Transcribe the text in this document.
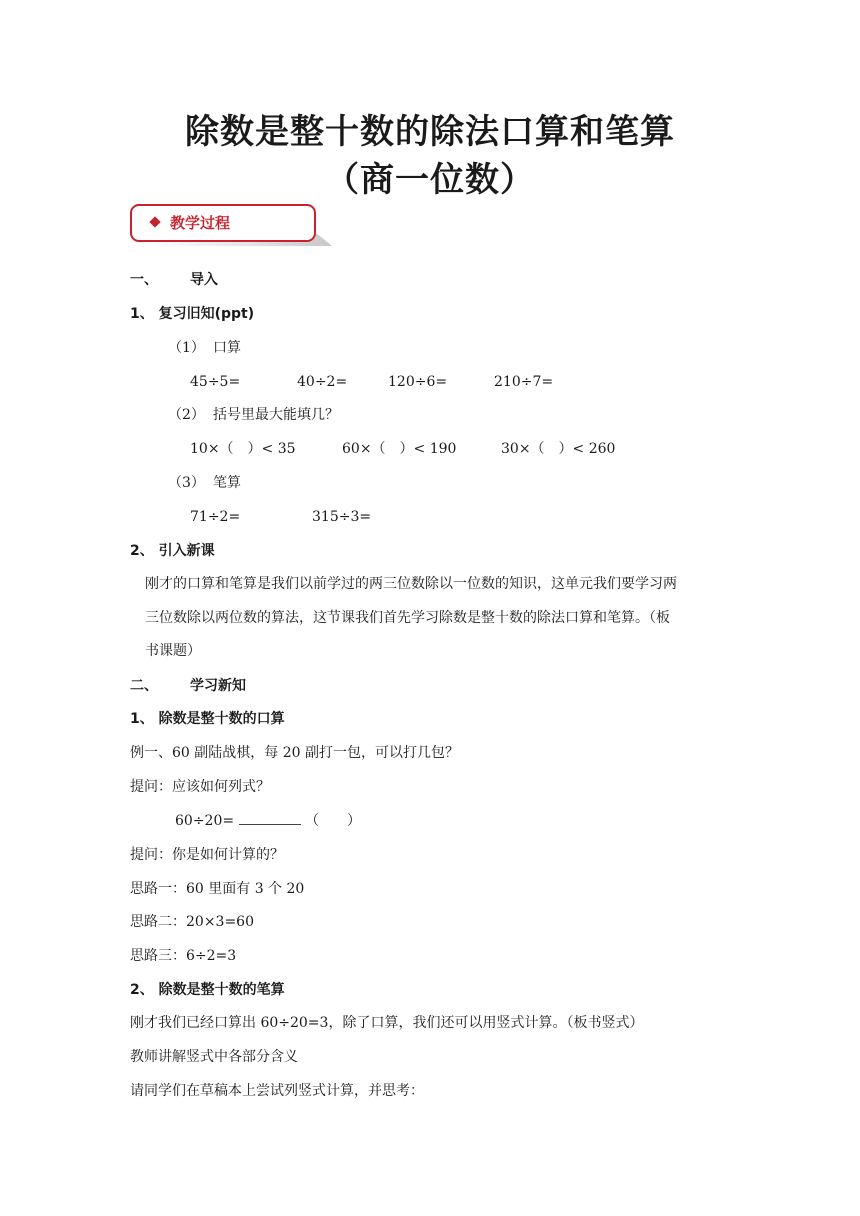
除数是整十数的除法口算和笔算
（商一位数）
教学过程
一、 导入
1、 复习旧知(ppt)
（1） 口算
45÷5=	40÷2=	120÷6=	210÷7=
（2） 括号里最大能填几？
10×（　）< 35	60×（　）< 190	30×（　）< 260
（3） 笔算
71÷2=	315÷3=
2、 引入新课
刚才的口算和笔算是我们以前学过的两三位数除以一位数的知识，这单元我们要学习两
三位数除以两位数的算法，这节课我们首先学习除数是整十数的除法口算和笔算。（板
书课题）
二、 学习新知
1、 除数是整十数的口算
例一、60 副陆战棋，每 20 副打一包，可以打几包？
提问：应该如何列式？
60÷20=	（　　）
提问：你是如何计算的？
思路一：60 里面有 3 个 20
思路二：20×3=60
思路三：6÷2=3
2、 除数是整十数的笔算
刚才我们已经口算出 60÷20=3，除了口算，我们还可以用竖式计算。（板书竖式）
教师讲解竖式中各部分含义
请同学们在草稿本上尝试列竖式计算，并思考：
